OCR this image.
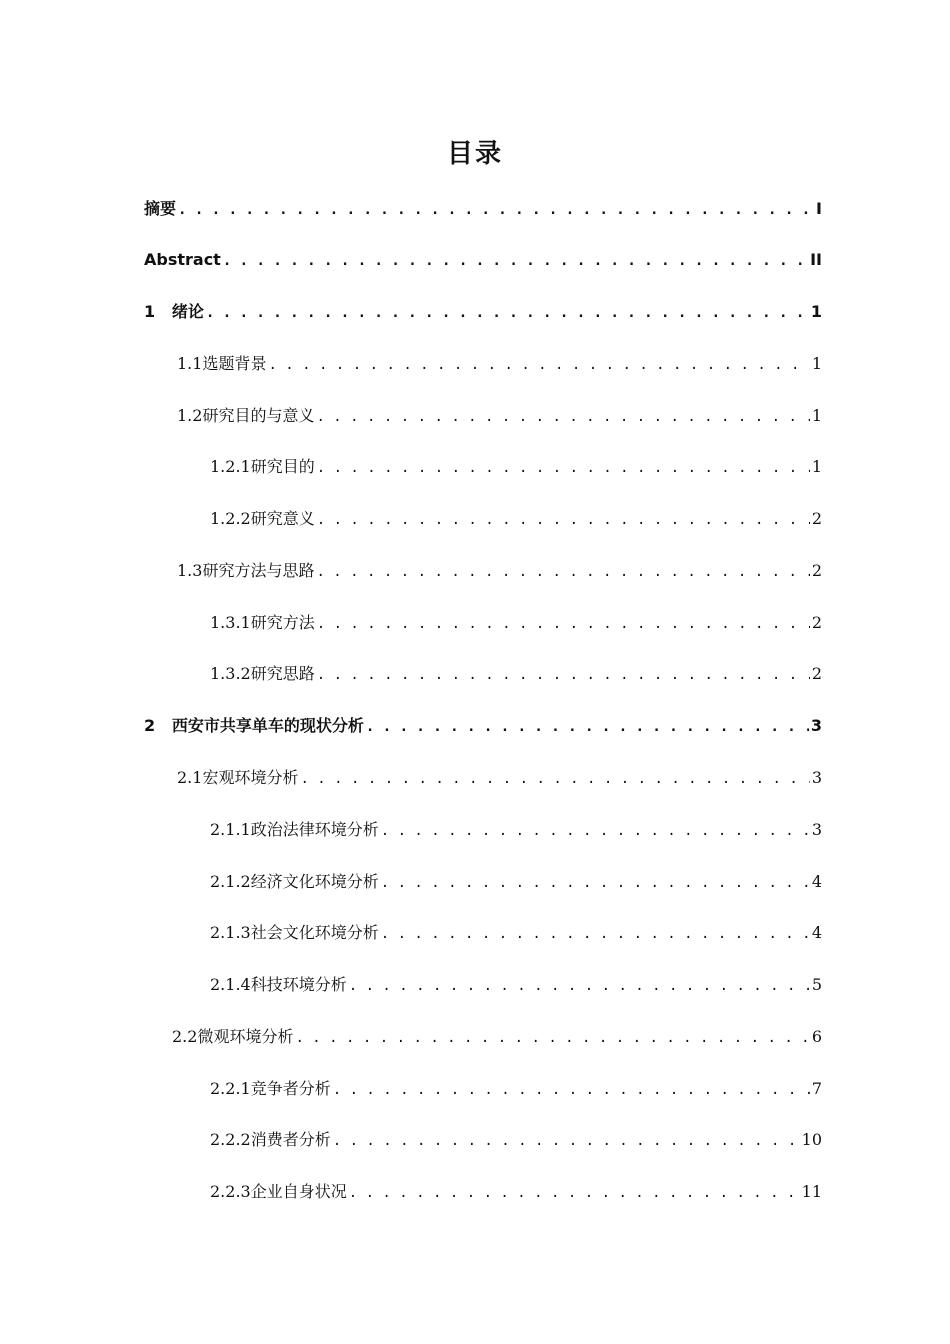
目录
摘要 . . .	I
Abstract . . .	II
1   绪论 . . .	1
1.1选题背景 . . .	1
1.2研究目的与意义 . . .	1
1.2.1研究目的 . . .	1
1.2.2研究意义 . . .	2
1.3研究方法与思路 . . .	2
1.3.1研究方法 . . .	2
1.3.2研究思路 . . .	2
2   西安市共享单车的现状分析 . . .	3
2.1宏观环境分析 . . .	3
2.1.1政治法律环境分析 . . .	3
2.1.2经济文化环境分析 . . .	4
2.1.3社会文化环境分析 . . .	4
2.1.4科技环境分析 . . .	5
2.2微观环境分析 . . .	6
2.2.1竞争者分析 . . .	7
2.2.2消费者分析 . . .	10
2.2.3企业自身状况 . . .	11
